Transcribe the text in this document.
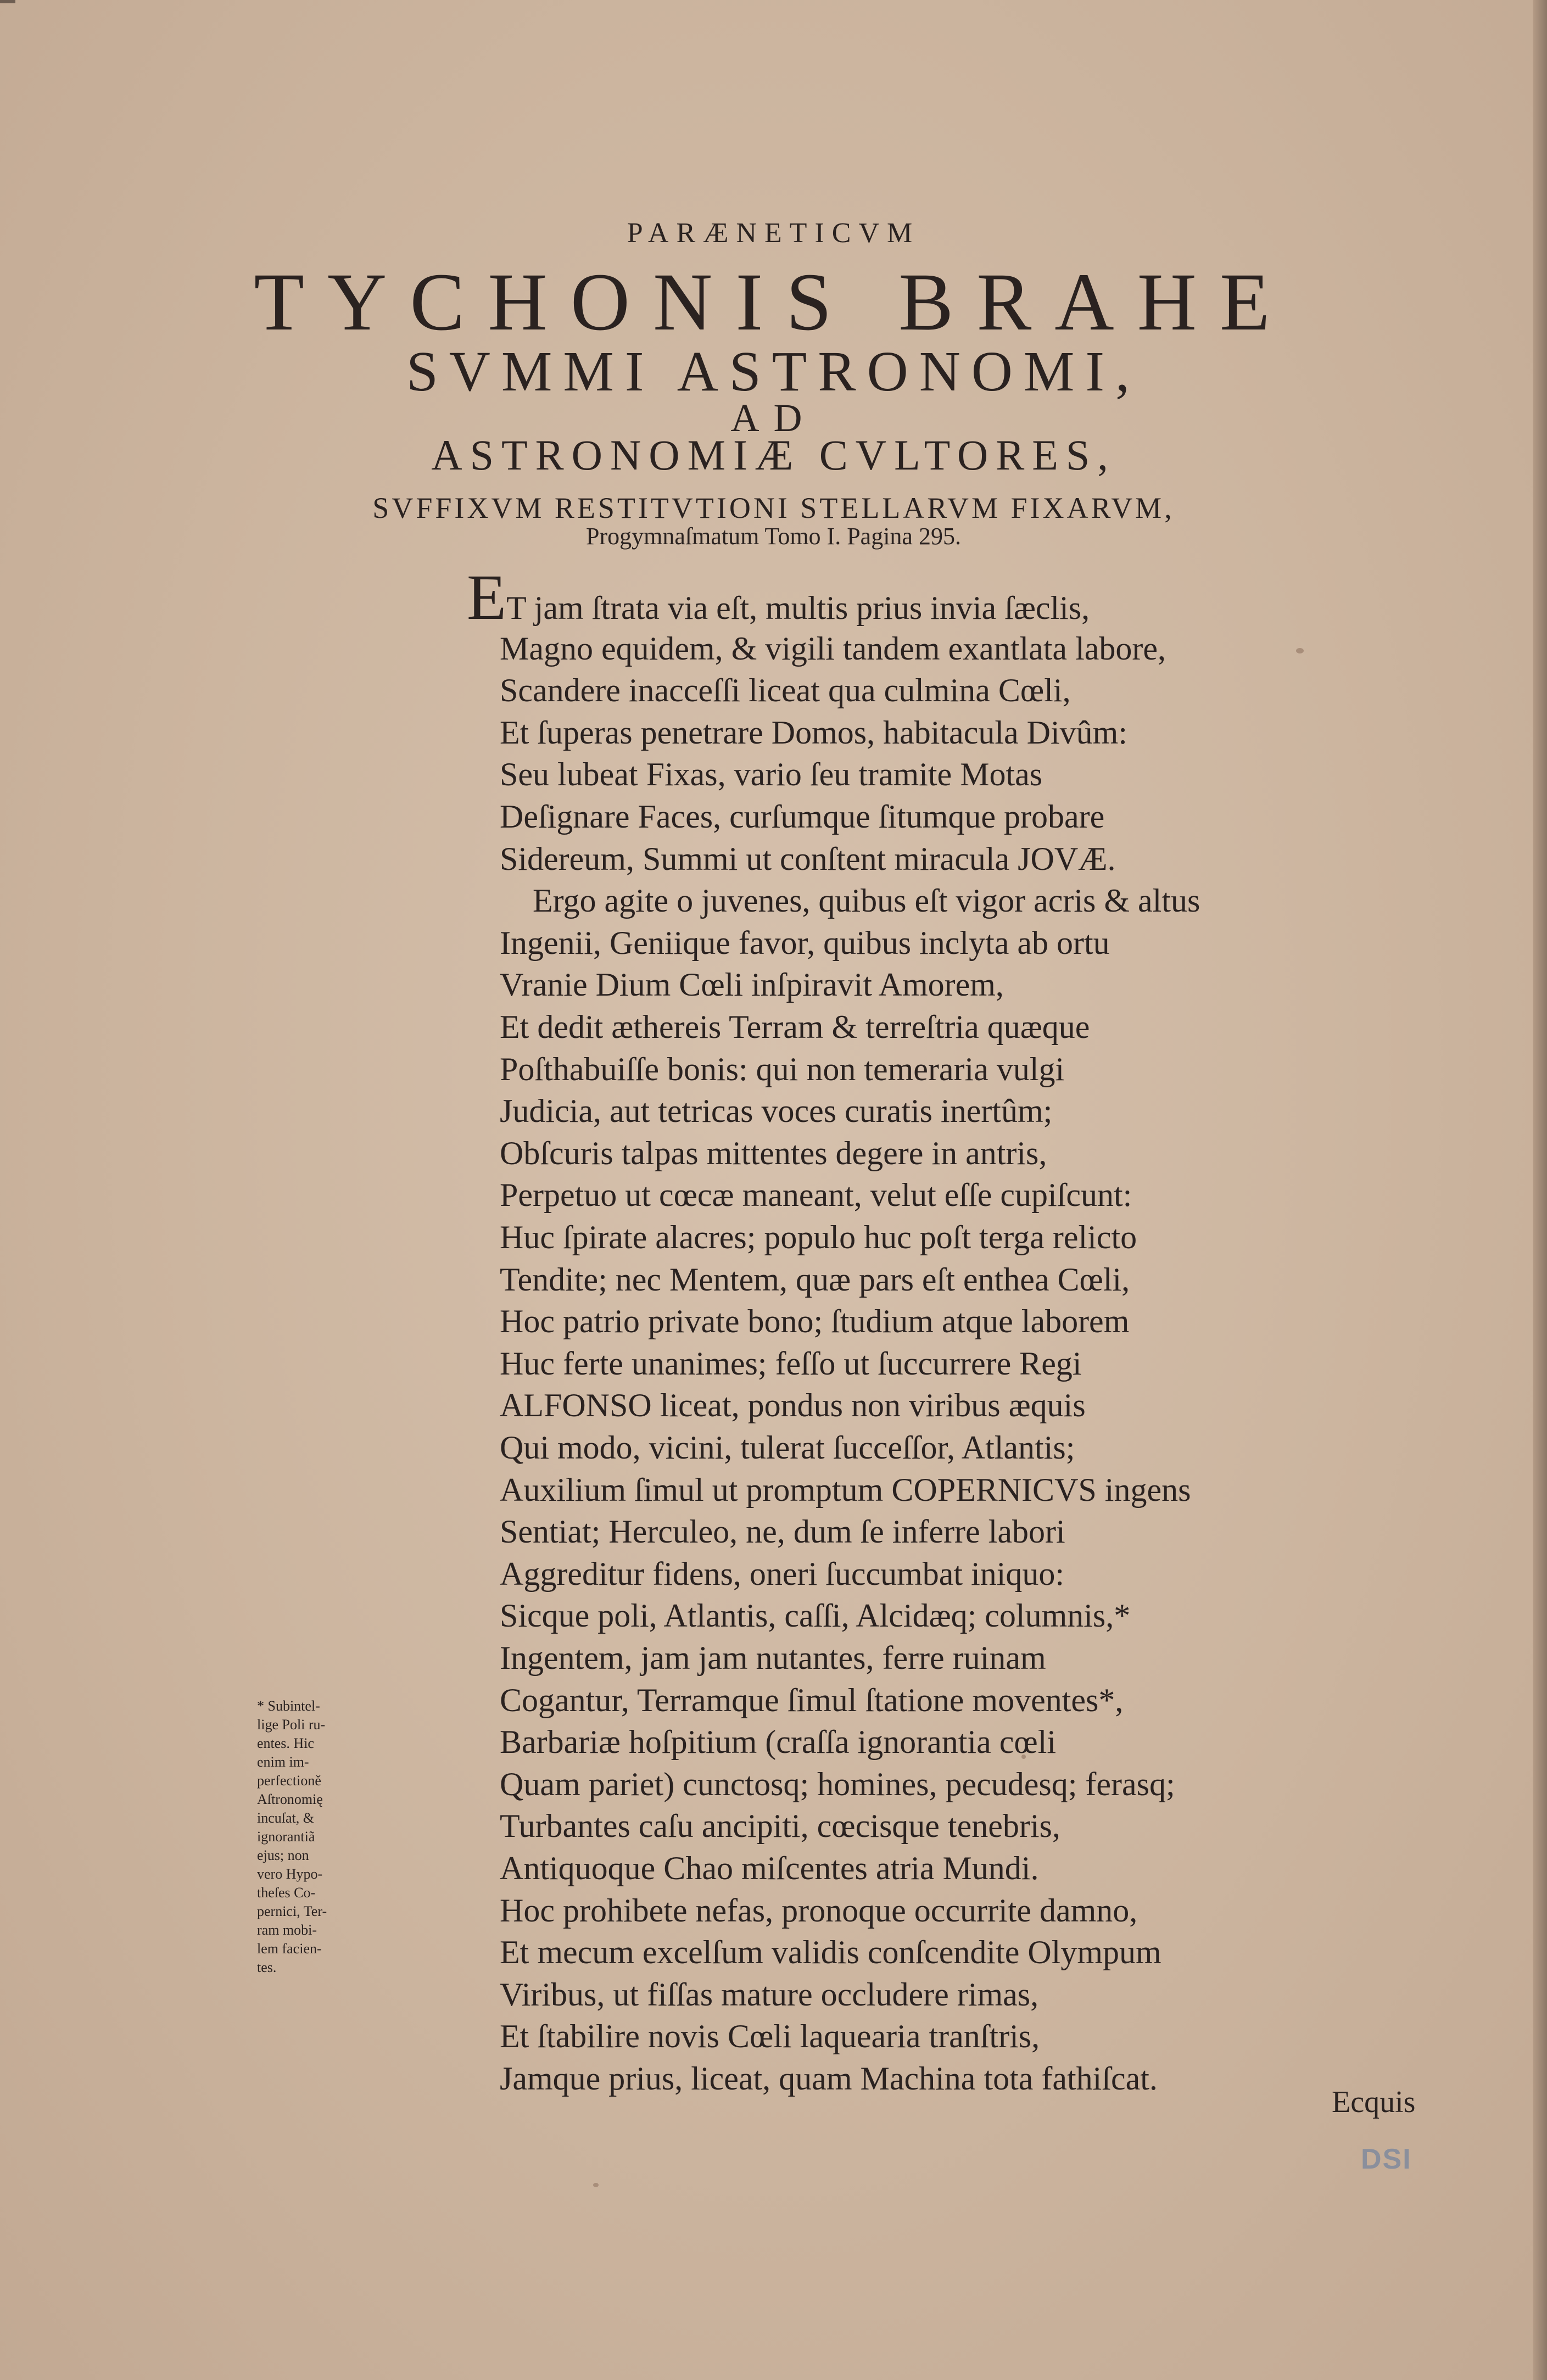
PARÆNETICVM
TYCHONIS BRAHE
SVMMI ASTRONOMI,
AD
ASTRONOMIÆ CVLTORES,
SVFFIXVM RESTITVTIONI STELLARVM FIXARVM,
Progymnaſmatum Tomo I. Pagina 295.
ET jam ſtrata via eſt, multis prius invia ſæclis,
Magno equidem, & vigili tandem exantlata labore,
Scandere inacceſſi liceat qua culmina Cœli,
Et ſuperas penetrare Domos, habitacula Divûm:
Seu lubeat Fixas, vario ſeu tramite Motas
Deſignare Faces, curſumque ſitumque probare
Sidereum, Summi ut conſtent miracula JOVÆ.
Ergo agite o juvenes, quibus eſt vigor acris & altus
Ingenii, Geniique favor, quibus inclyta ab ortu
Vranie Dium Cœli inſpiravit Amorem,
Et dedit æthereis Terram & terreſtria quæque
Poſthabuiſſe bonis: qui non temeraria vulgi
Judicia, aut tetricas voces curatis inertûm;
Obſcuris talpas mittentes degere in antris,
Perpetuo ut cœcæ maneant, velut eſſe cupiſcunt:
Huc ſpirate alacres; populo huc poſt terga relicto
Tendite; nec Mentem, quæ pars eſt enthea Cœli,
Hoc patrio private bono; ſtudium atque laborem
Huc ferte unanimes; feſſo ut ſuccurrere Regi
ALFONSO liceat, pondus non viribus æquis
Qui modo, vicini, tulerat ſucceſſor, Atlantis;
Auxilium ſimul ut promptum COPERNICVS ingens
Sentiat; Herculeo, ne, dum ſe inferre labori
Aggreditur fidens, oneri ſuccumbat iniquo:
Sicque poli, Atlantis, caſſi, Alcidæq; columnis,*
Ingentem, jam jam nutantes, ferre ruinam
Cogantur, Terramque ſimul ſtatione moventes*,
Barbariæ hoſpitium (craſſa ignorantia cœli
Quam pariet) cunctosq; homines, pecudesq; ferasq;
Turbantes caſu ancipiti, cœcisque tenebris,
Antiquoque Chao miſcentes atria Mundi.
Hoc prohibete nefas, pronoque occurrite damno,
Et mecum excelſum validis conſcendite Olympum
Viribus, ut fiſſas mature occludere rimas,
Et ſtabilire novis Cœli laquearia tranſtris,
Jamque prius, liceat, quam Machina tota fathiſcat.
* Subintel-
lige Poli ru-
entes. Hic
enim im-
perfectioně
Aſtronomię
incuſat, &
ignorantiã
ejus; non
vero Hypo-
theſes Co-
pernici, Ter-
ram mobi-
lem facien-
tes.
Ecquis
DSI
